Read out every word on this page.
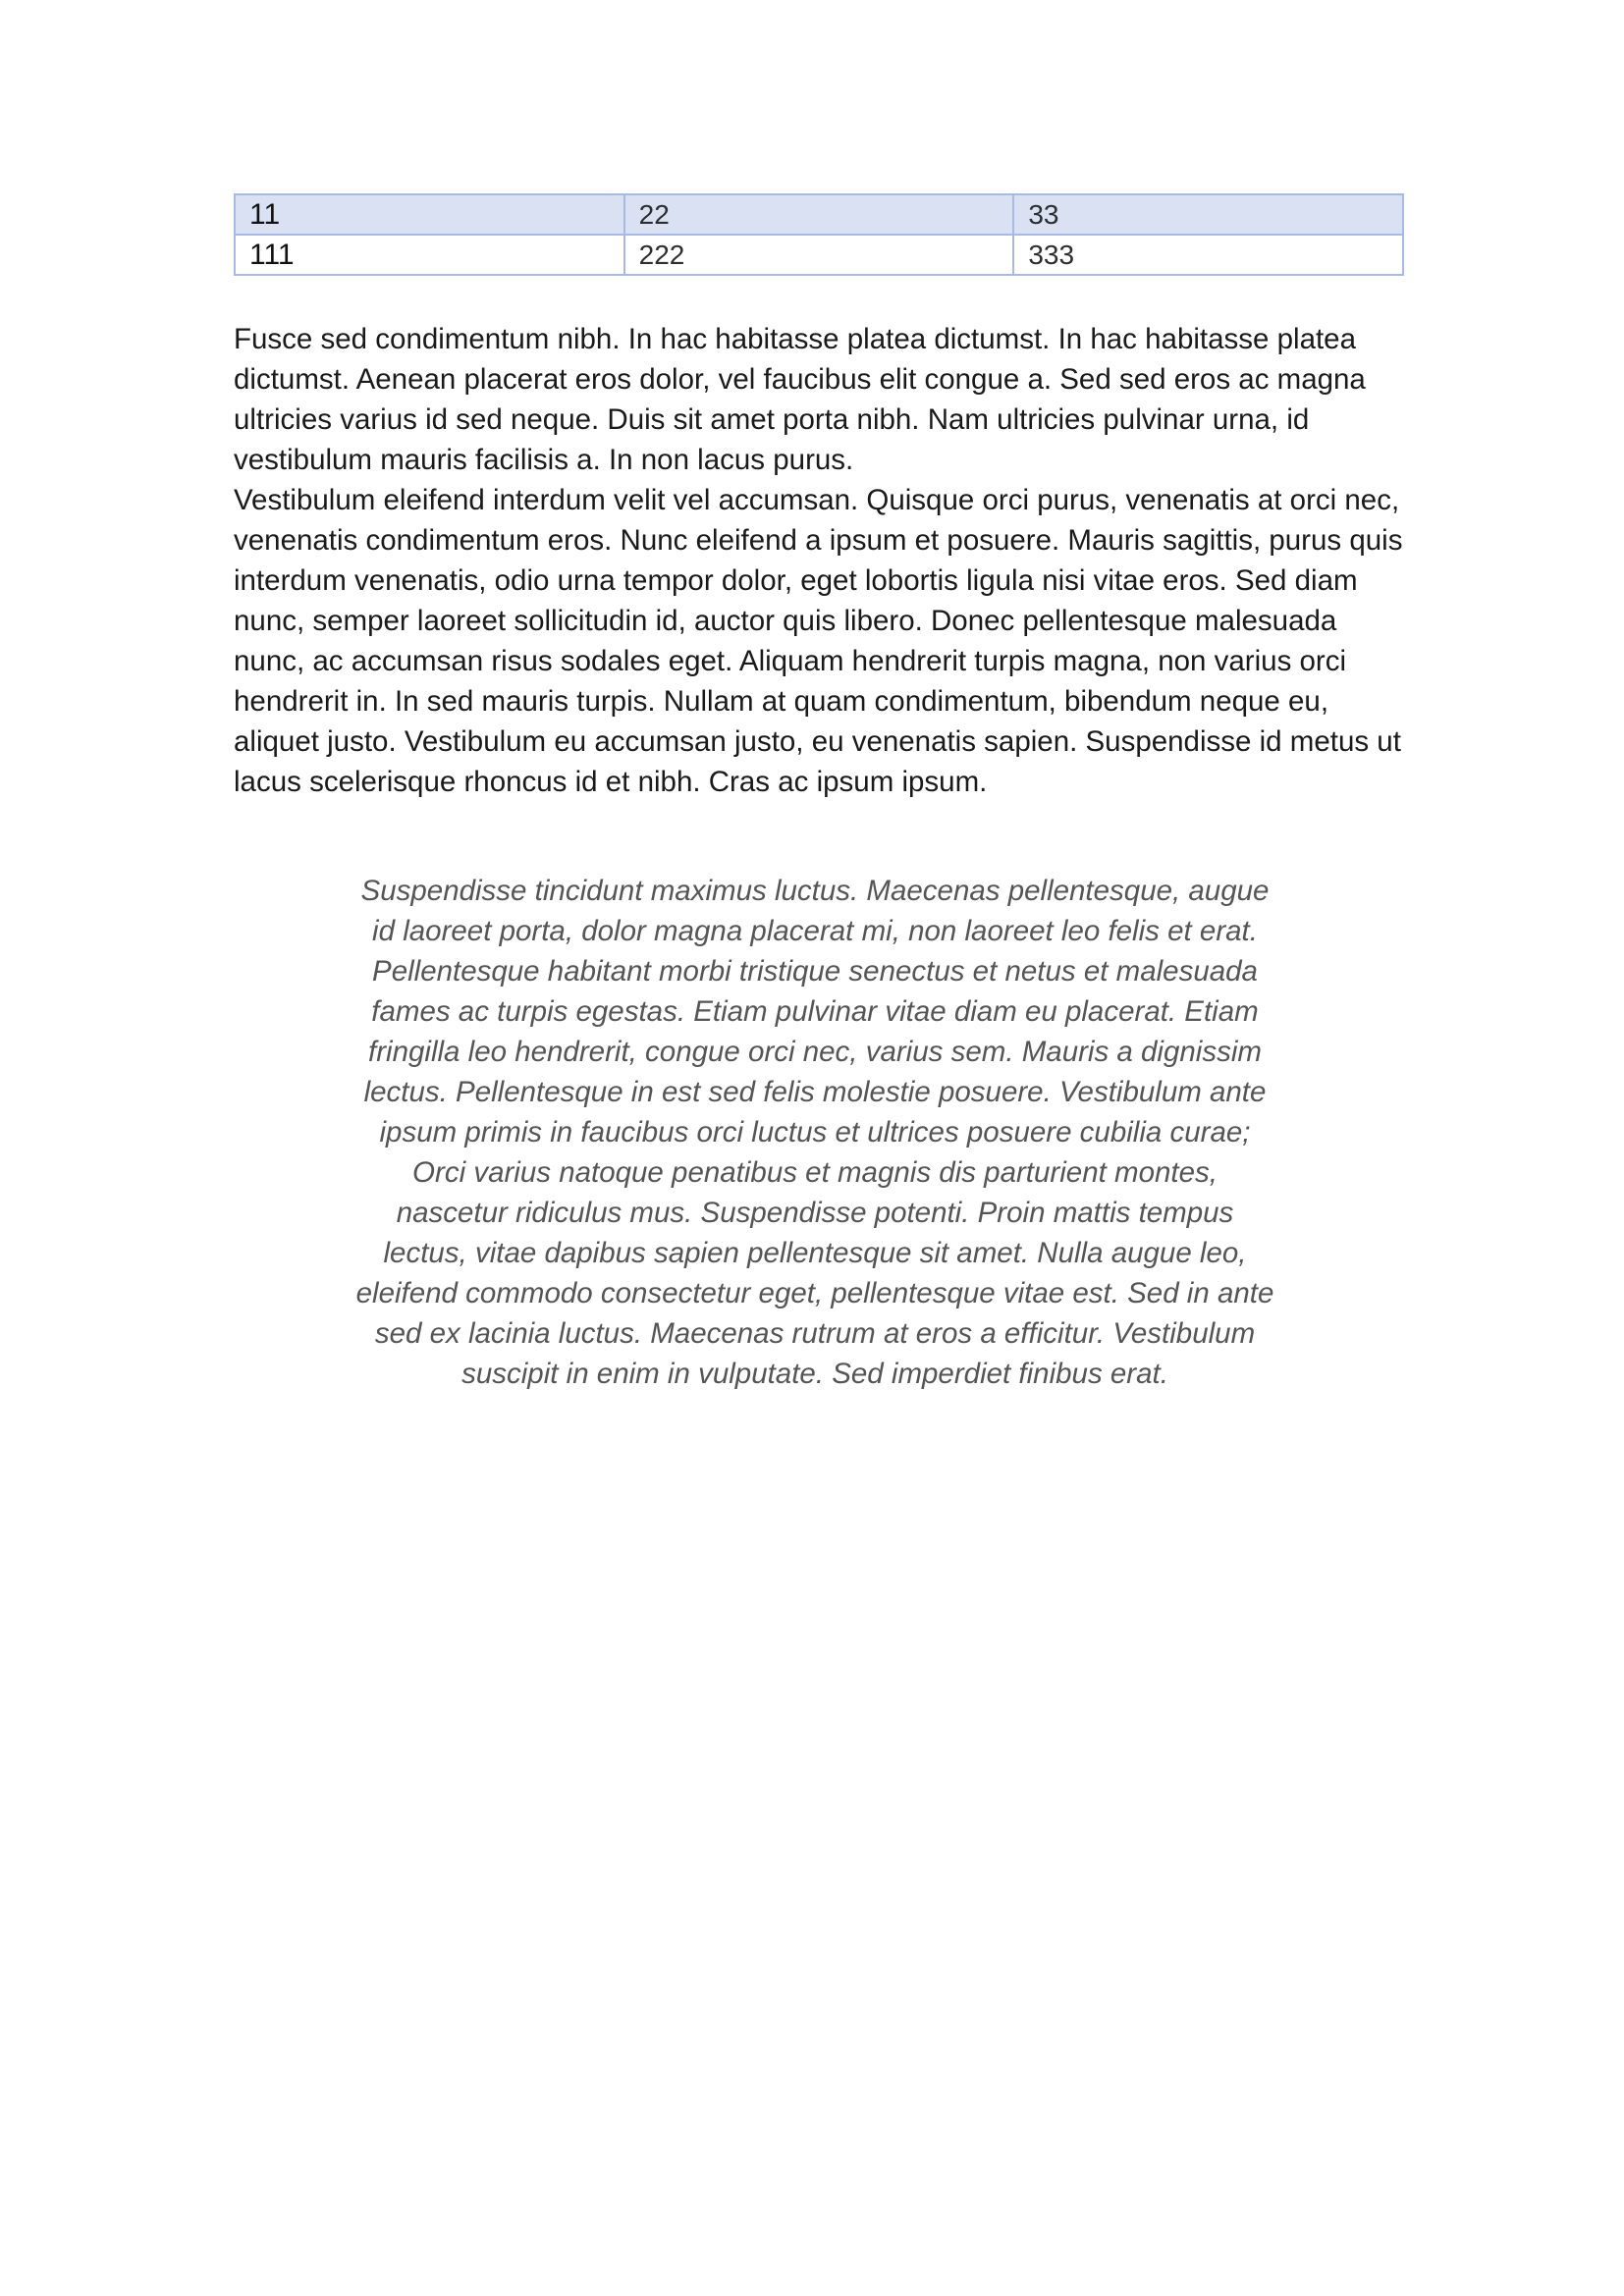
11	22	33
111	222	333

Fusce sed condimentum nibh. In hac habitasse platea dictumst. In hac habitasse platea dictumst. Aenean placerat eros dolor, vel faucibus elit congue a. Sed sed eros ac magna ultricies varius id sed neque. Duis sit amet porta nibh. Nam ultricies pulvinar urna, id vestibulum mauris facilisis a. In non lacus purus.

Vestibulum eleifend interdum velit vel accumsan. Quisque orci purus, venenatis at orci nec, venenatis condimentum eros. Nunc eleifend a ipsum et posuere. Mauris sagittis, purus quis interdum venenatis, odio urna tempor dolor, eget lobortis ligula nisi vitae eros. Sed diam nunc, semper laoreet sollicitudin id, auctor quis libero. Donec pellentesque malesuada nunc, ac accumsan risus sodales eget. Aliquam hendrerit turpis magna, non varius orci hendrerit in. In sed mauris turpis. Nullam at quam condimentum, bibendum neque eu, aliquet justo. Vestibulum eu accumsan justo, eu venenatis sapien. Suspendisse id metus ut lacus scelerisque rhoncus id et nibh. Cras ac ipsum ipsum.

Suspendisse tincidunt maximus luctus. Maecenas pellentesque, augue id laoreet porta, dolor magna placerat mi, non laoreet leo felis et erat. Pellentesque habitant morbi tristique senectus et netus et malesuada fames ac turpis egestas. Etiam pulvinar vitae diam eu placerat. Etiam fringilla leo hendrerit, congue orci nec, varius sem. Mauris a dignissim lectus. Pellentesque in est sed felis molestie posuere. Vestibulum ante ipsum primis in faucibus orci luctus et ultrices posuere cubilia curae; Orci varius natoque penatibus et magnis dis parturient montes, nascetur ridiculus mus. Suspendisse potenti. Proin mattis tempus lectus, vitae dapibus sapien pellentesque sit amet. Nulla augue leo, eleifend commodo consectetur eget, pellentesque vitae est. Sed in ante sed ex lacinia luctus. Maecenas rutrum at eros a efficitur. Vestibulum suscipit in enim in vulputate. Sed imperdiet finibus erat.
